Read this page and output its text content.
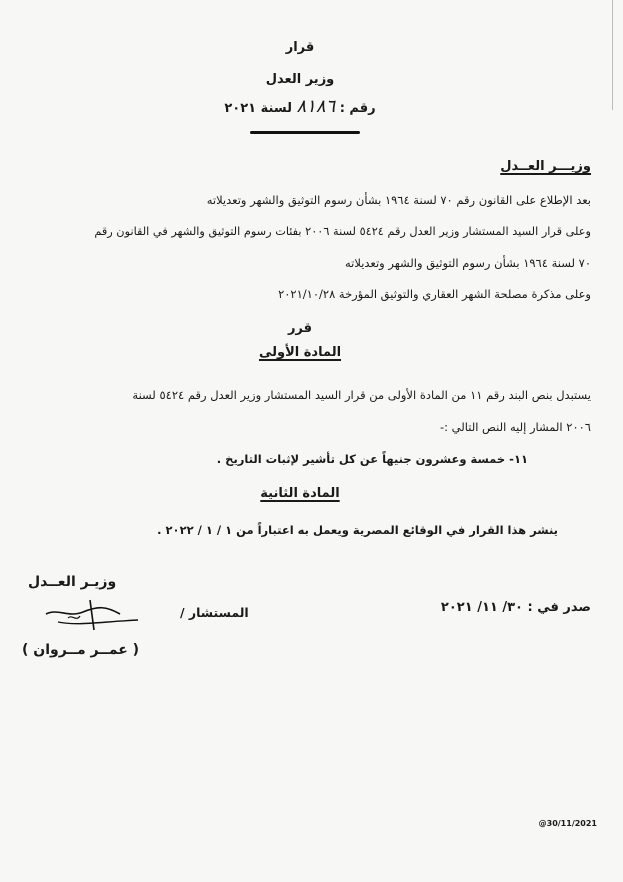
قرار
وزير العدل
رقم : ٨١٨٦ لسنة ٢٠٢١
وزيـــر العــدل
بعد الإطلاع على القانون رقم ٧٠ لسنة ١٩٦٤ بشأن رسوم التوثيق والشهر وتعديلاته
وعلى قرار السيد المستشار وزير العدل رقم ٥٤٢٤ لسنة ٢٠٠٦ بفئات رسوم التوثيق والشهر في القانون رقم
٧٠ لسنة ١٩٦٤ بشأن رسوم التوثيق والشهر وتعديلاته
وعلى مذكرة مصلحة الشهر العقاري والتوثيق المؤرخة ٢٠٢١/١٠/٢٨
قرر
المادة الأولى
يستبدل بنص البند رقم ١١ من المادة الأولى من قرار السيد المستشار وزير العدل رقم ٥٤٢٤ لسنة
٢٠٠٦ المشار إليه النص التالي :-
١١- خمسة وعشرون جنيهاً عن كل تأشير لإثبات التاريخ .
المادة الثانية
ينشر هذا القرار في الوقائع المصرية ويعمل به اعتباراً من ١ / ١ / ٢٠٢٢ .
وزيـر العــدل
( عمــر مــروان )
المستشار /	صدر في : ٣٠/ ١١/ ٢٠٢١
@30/11/2021
